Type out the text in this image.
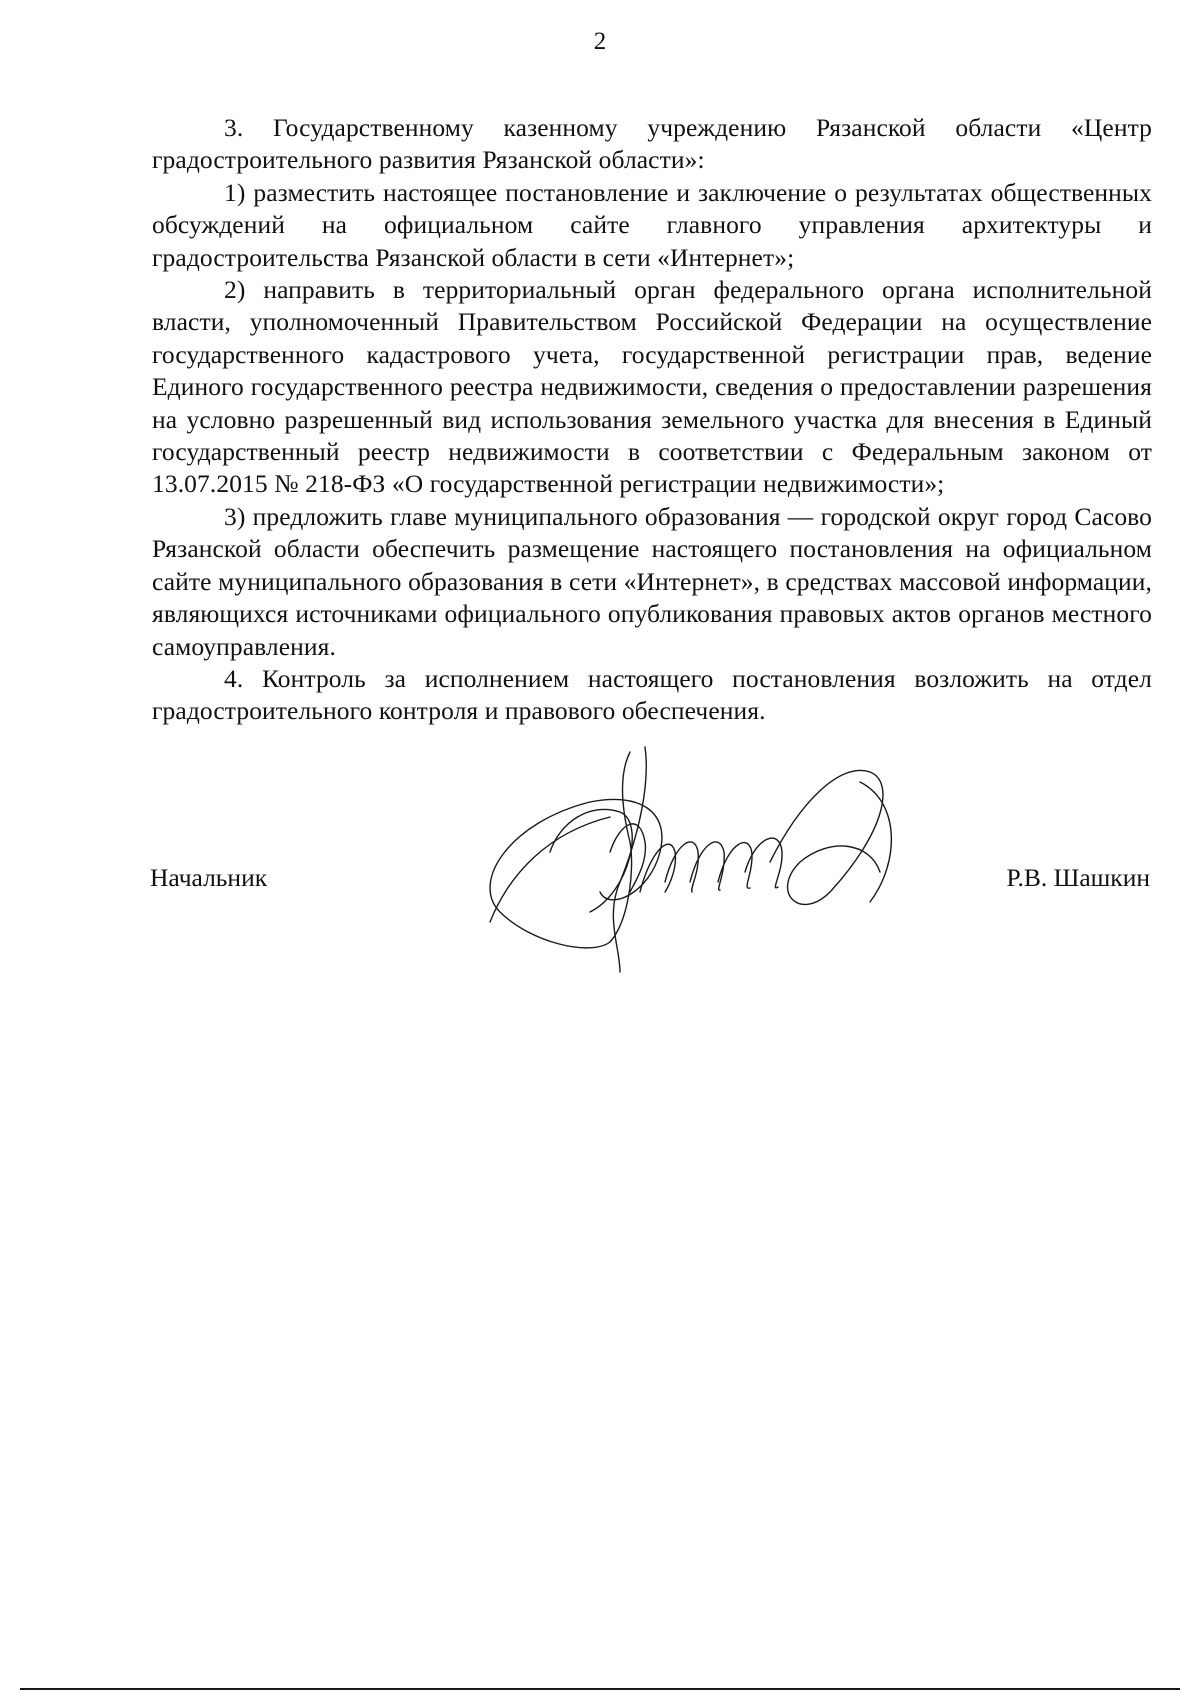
2

3. Государственному казенному учреждению Рязанской области «Центр градостроительного развития Рязанской области»:

1) разместить настоящее постановление и заключение о результатах общественных обсуждений на официальном сайте главного управления архитектуры и градостроительства Рязанской области в сети «Интернет»;

2) направить в территориальный орган федерального органа исполнительной власти, уполномоченный Правительством Российской Федерации на осуществление государственного кадастрового учета, государственной регистрации прав, ведение Единого государственного реестра недвижимости, сведения о предоставлении разрешения на условно разрешенный вид использования земельного участка для внесения в Единый государственный реестр недвижимости в соответствии с Федеральным законом от 13.07.2015 № 218-ФЗ «О государственной регистрации недвижимости»;

3) предложить главе муниципального образования — городской округ город Сасово Рязанской области обеспечить размещение настоящего постановления на официальном сайте муниципального образования в сети «Интернет», в средствах массовой информации, являющихся источниками официального опубликования правовых актов органов местного самоуправления.

4. Контроль за исполнением настоящего постановления возложить на отдел градостроительного контроля и правового обеспечения.

Начальник	Р.В. Шашкин
